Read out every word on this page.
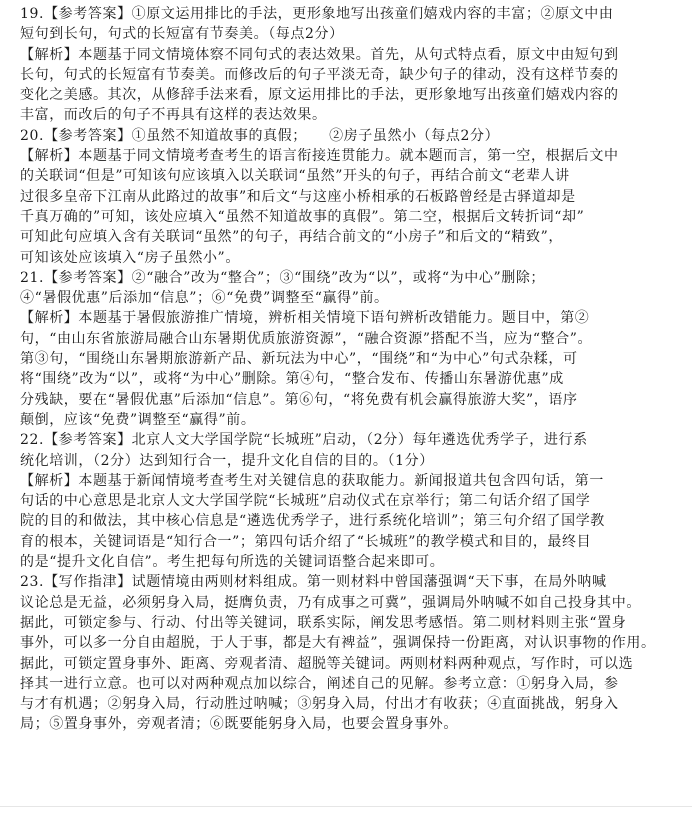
19.【参考答案】①原文运用排比的手法，更形象地写出孩童们嬉戏内容的丰富；②原文中由
短句到长句，句式的长短富有节奏美。（每点2分）
【解析】本题基于同文情境体察不同句式的表达效果。首先，从句式特点看，原文中由短句到
长句，句式的长短富有节奏美。而修改后的句子平淡无奇，缺少句子的律动，没有这样节奏的
变化之美感。其次，从修辞手法来看，原文运用排比的手法，更形象地写出孩童们嬉戏内容的
丰富，而改后的句子不再具有这样的表达效果。
20.【参考答案】①虽然不知道故事的真假；　　②房子虽然小（每点2分）
【解析】本题基于同文情境考查考生的语言衔接连贯能力。就本题而言，第一空，根据后文中
的关联词“但是”可知该句应该填入以关联词“虽然”开头的句子，再结合前文“老辈人讲
过很多皇帝下江南从此路过的故事”和后文“与这座小桥相承的石板路曾经是古驿道却是
千真万确的”可知，该处应填入“虽然不知道故事的真假”。第二空，根据后文转折词“却”
可知此句应填入含有关联词“虽然”的句子，再结合前文的“小房子”和后文的“精致”，
可知该处应该填入“房子虽然小”。
21.【参考答案】②“融合”改为“整合”；③“围绕”改为“以”，或将“为中心”删除；
④“暑假优惠”后添加“信息”；⑥“免费”调整至“赢得”前。
【解析】本题基于暑假旅游推广情境，辨析相关情境下语句辨析改错能力。题目中，第②
句，“由山东省旅游局融合山东暑期优质旅游资源”，“融合资源”搭配不当，应为“整合”。
第③句，“围绕山东暑期旅游新产品、新玩法为中心”，“围绕”和“为中心”句式杂糅，可
将“围绕”改为“以”，或将“为中心”删除。第④句，“整合发布、传播山东暑游优惠”成
分残缺，要在“暑假优惠”后添加“信息”。第⑥句，“将免费有机会赢得旅游大奖”，语序
颠倒，应该“免费”调整至“赢得”前。
22.【参考答案】北京人文大学国学院“长城班”启动，（2分）每年遴选优秀学子，进行系
统化培训，（2分）达到知行合一，提升文化自信的目的。（1分）
【解析】本题基于新闻情境考查考生对关键信息的获取能力。新闻报道共包含四句话，第一
句话的中心意思是北京人文大学国学院“长城班”启动仪式在京举行；第二句话介绍了国学
院的目的和做法，其中核心信息是“遴选优秀学子，进行系统化培训”；第三句介绍了国学教
育的根本，关键词语是“知行合一”；第四句话介绍了“长城班”的教学模式和目的，最终目
的是“提升文化自信”。考生把每句所选的关键词语整合起来即可。
23.【写作指津】试题情境由两则材料组成。第一则材料中曾国藩强调“天下事，在局外呐喊
议论总是无益，必须躬身入局，挺膺负责，乃有成事之可冀”，强调局外呐喊不如自己投身其中。
据此，可锁定参与、行动、付出等关键词，联系实际，阐发思考感悟。第二则材料则主张“置身
事外，可以多一分自由超脱，于人于事，都是大有裨益”，强调保持一份距离，对认识事物的作用。
据此，可锁定置身事外、距离、旁观者清、超脱等关键词。两则材料两种观点，写作时，可以选
择其一进行立意。也可以对两种观点加以综合，阐述自己的见解。参考立意：①躬身入局，参
与才有机遇；②躬身入局，行动胜过呐喊；③躬身入局，付出才有收获；④直面挑战，躬身入
局；⑤置身事外，旁观者清；⑥既要能躬身入局，也要会置身事外。
